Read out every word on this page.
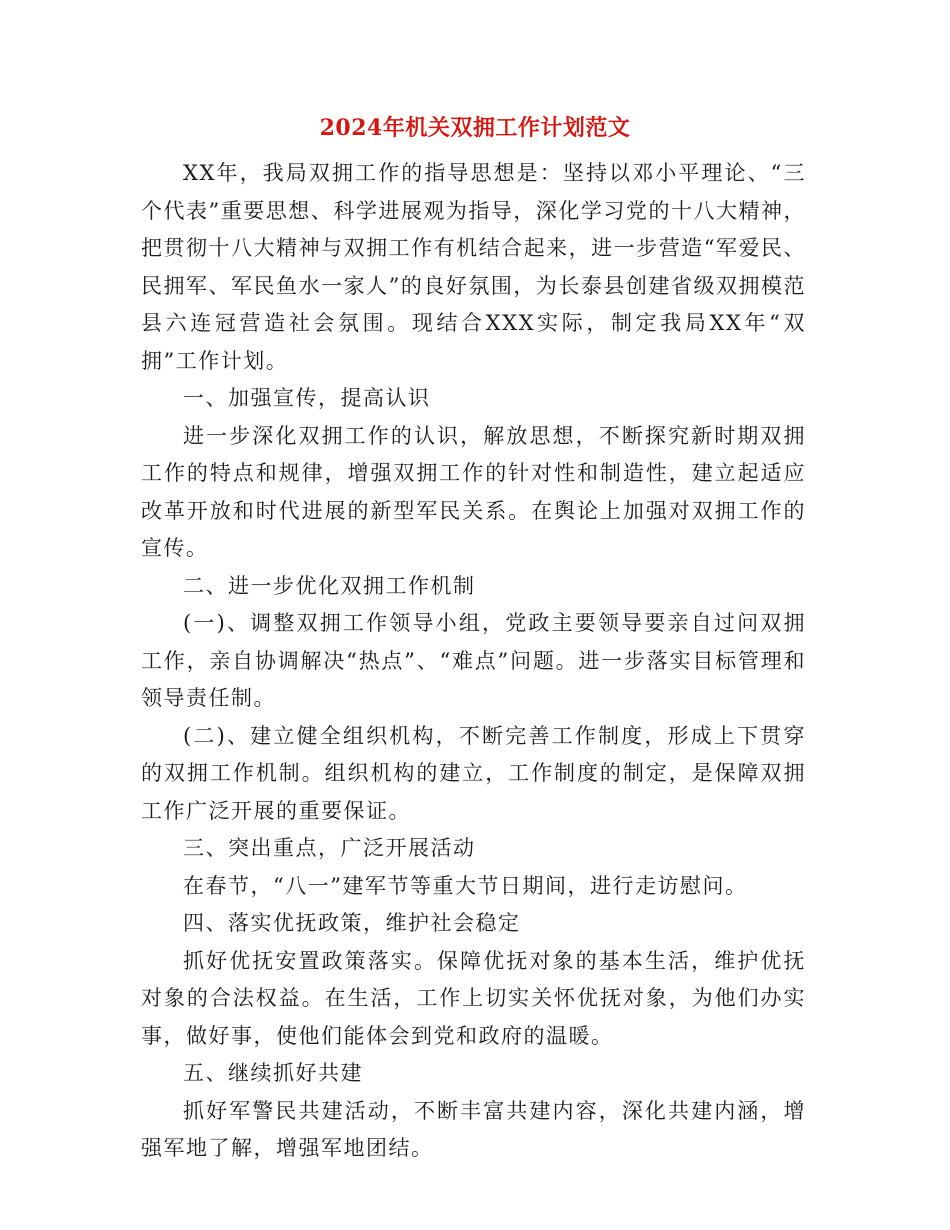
2024年机关双拥工作计划范文

XX年，我局双拥工作的指导思想是：坚持以邓小平理论、“三个代表”重要思想、科学进展观为指导，深化学习党的十八大精神，把贯彻十八大精神与双拥工作有机结合起来，进一步营造“军爱民、民拥军、军民鱼水一家人”的良好氛围，为长泰县创建省级双拥模范县六连冠营造社会氛围。现结合XXX实际，制定我局XX年“双拥”工作计划。

一、加强宣传，提高认识

进一步深化双拥工作的认识，解放思想，不断探究新时期双拥工作的特点和规律，增强双拥工作的针对性和制造性，建立起适应改革开放和时代进展的新型军民关系。在舆论上加强对双拥工作的宣传。

二、进一步优化双拥工作机制

(一)、调整双拥工作领导小组，党政主要领导要亲自过问双拥工作，亲自协调解决“热点”、“难点”问题。进一步落实目标管理和领导责任制。

(二)、建立健全组织机构，不断完善工作制度，形成上下贯穿的双拥工作机制。组织机构的建立，工作制度的制定，是保障双拥工作广泛开展的重要保证。

三、突出重点，广泛开展活动

在春节，“八一”建军节等重大节日期间，进行走访慰问。

四、落实优抚政策，维护社会稳定

抓好优抚安置政策落实。保障优抚对象的基本生活，维护优抚对象的合法权益。在生活，工作上切实关怀优抚对象，为他们办实事，做好事，使他们能体会到党和政府的温暖。

五、继续抓好共建

抓好军警民共建活动，不断丰富共建内容，深化共建内涵，增强军地了解，增强军地团结。
